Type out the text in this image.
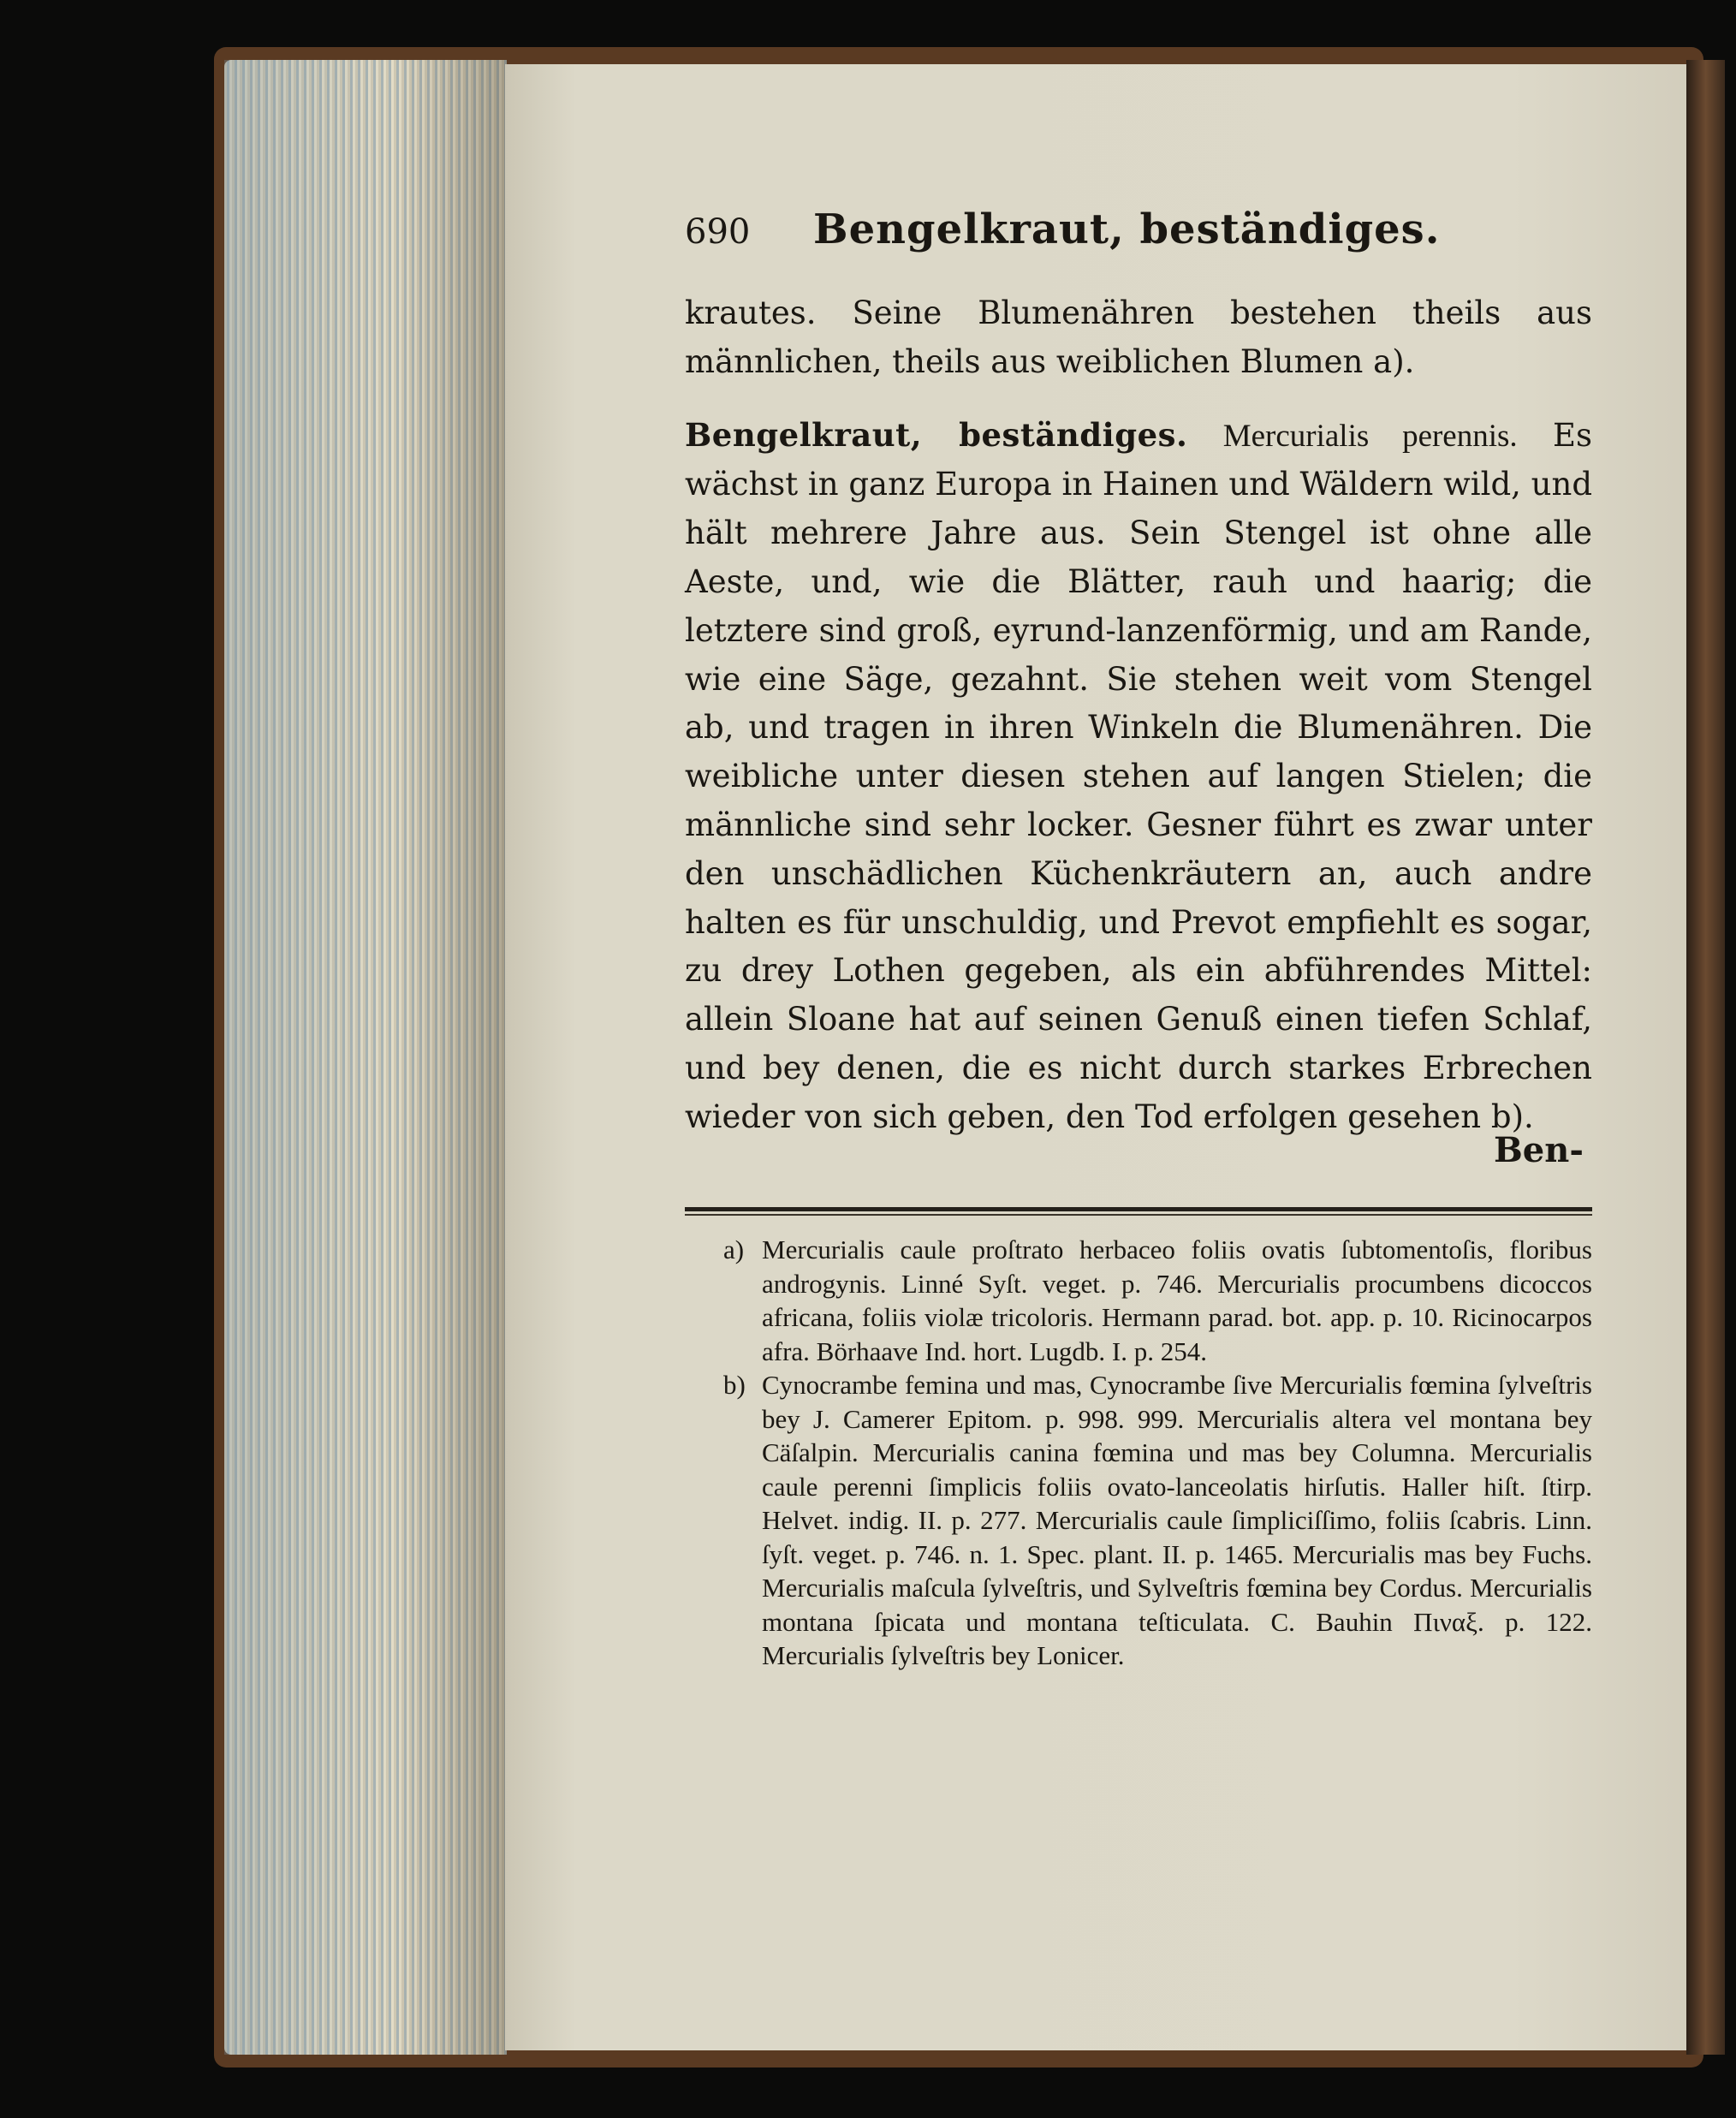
690 Bengelkraut, beständiges.

krautes. Seine Blumenähren bestehen theils aus männlichen, theils aus weiblichen Blumen a).

Bengelkraut, beständiges. Mercurialis perennis. Es wächst in ganz Europa in Hainen und Wäldern wild, und hält mehrere Jahre aus. Sein Stengel ist ohne alle Aeste, und, wie die Blätter, rauh und haarig; die letztere sind groß, eyrund-lanzenförmig, und am Rande, wie eine Säge, gezahnt. Sie stehen weit vom Stengel ab, und tragen in ihren Winkeln die Blumenähren. Die weibliche unter diesen stehen auf langen Stielen; die männliche sind sehr locker. Gesner führt es zwar unter den unschädlichen Küchenkräutern an, auch andre halten es für unschuldig, und Prevot empfiehlt es sogar, zu drey Lothen gegeben, als ein abführendes Mittel: allein Sloane hat auf seinen Genuß einen tiefen Schlaf, und bey denen, die es nicht durch starkes Erbrechen wieder von sich geben, den Tod erfolgen gesehen b).

Ben-
a) Mercurialis caule proſtrato herbaceo foliis ovatis ſubtomentoſis, floribus androgynis. Linné Syſt. veget. p. 746. Mercurialis procumbens dicoccos africana, foliis violæ tricoloris. Hermann parad. bot. app. p. 10. Ricinocarpos afra. Börhaave Ind. hort. Lugdb. I. p. 254.
b) Cynocrambe femina und mas, Cynocrambe ſive Mercurialis fœmina ſylveſtris bey J. Camerer Epitom. p. 998. 999. Mercurialis altera vel montana bey Cäſalpin. Mercurialis canina fœmina und mas bey Columna. Mercurialis caule perenni ſimplicis foliis ovato-lanceolatis hirſutis. Haller hiſt. ſtirp. Helvet. indig. II. p. 277. Mercurialis caule ſimpliciſſimo, foliis ſcabris. Linn. ſyſt. veget. p. 746. n. 1. Spec. plant. II. p. 1465. Mercurialis mas bey Fuchs. Mercurialis maſcula ſylveſtris, und Sylveſtris fœmina bey Cordus. Mercurialis montana ſpicata und montana teſticulata. C. Bauhin Πιναξ. p. 122. Mercurialis ſylveſtris bey Lonicer.
